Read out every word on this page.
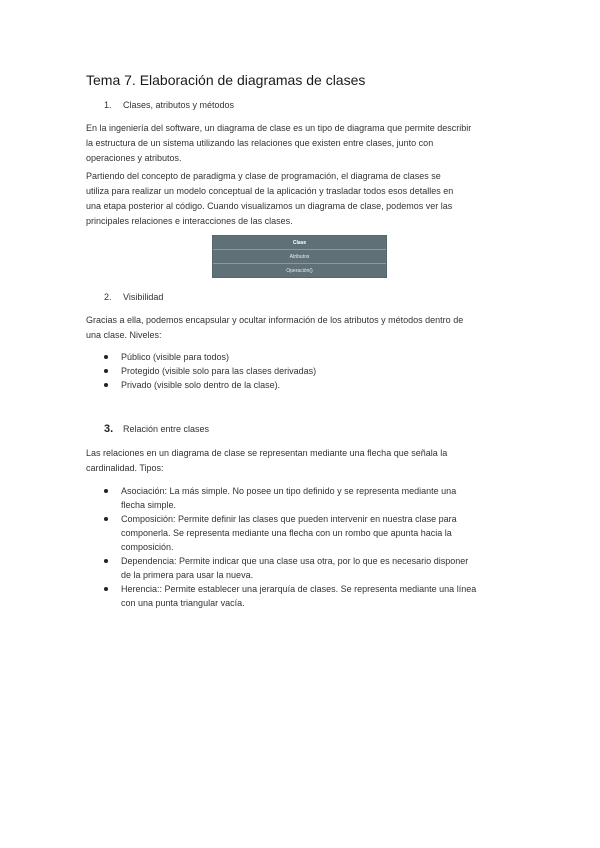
Tema 7. Elaboración de diagramas de clases
1. Clases, atributos y métodos
En la ingeniería del software, un diagrama de clase es un tipo de diagrama que permite describir
la estructura de un sistema utilizando las relaciones que existen entre clases, junto con
operaciones y atributos.
Partiendo del concepto de paradigma y clase de programación, el diagrama de clases se
utiliza para realizar un modelo conceptual de la aplicación y trasladar todos esos detalles en
una etapa posterior al código. Cuando visualizamos un diagrama de clase, podemos ver las
principales relaciones e interacciones de las clases.
Clase
Atributos
Operación()
2. Visibilidad
Gracias a ella, podemos encapsular y ocultar información de los atributos y métodos dentro de
una clase. Niveles:
Público (visible para todos)
Protegido (visible solo para las clases derivadas)
Privado (visible solo dentro de la clase).
3. Relación entre clases
Las relaciones en un diagrama de clase se representan mediante una flecha que señala la
cardinalidad. Tipos:
Asociación: La más simple. No posee un tipo definido y se representa mediante una
flecha simple.
Composición: Permite definir las clases que pueden intervenir en nuestra clase para
componerla. Se representa mediante una flecha con un rombo que apunta hacia la
composición.
Dependencia: Permite indicar que una clase usa otra, por lo que es necesario disponer
de la primera para usar la nueva.
Herencia:: Permite establecer una jerarquía de clases. Se representa mediante una línea
con una punta triangular vacía.
